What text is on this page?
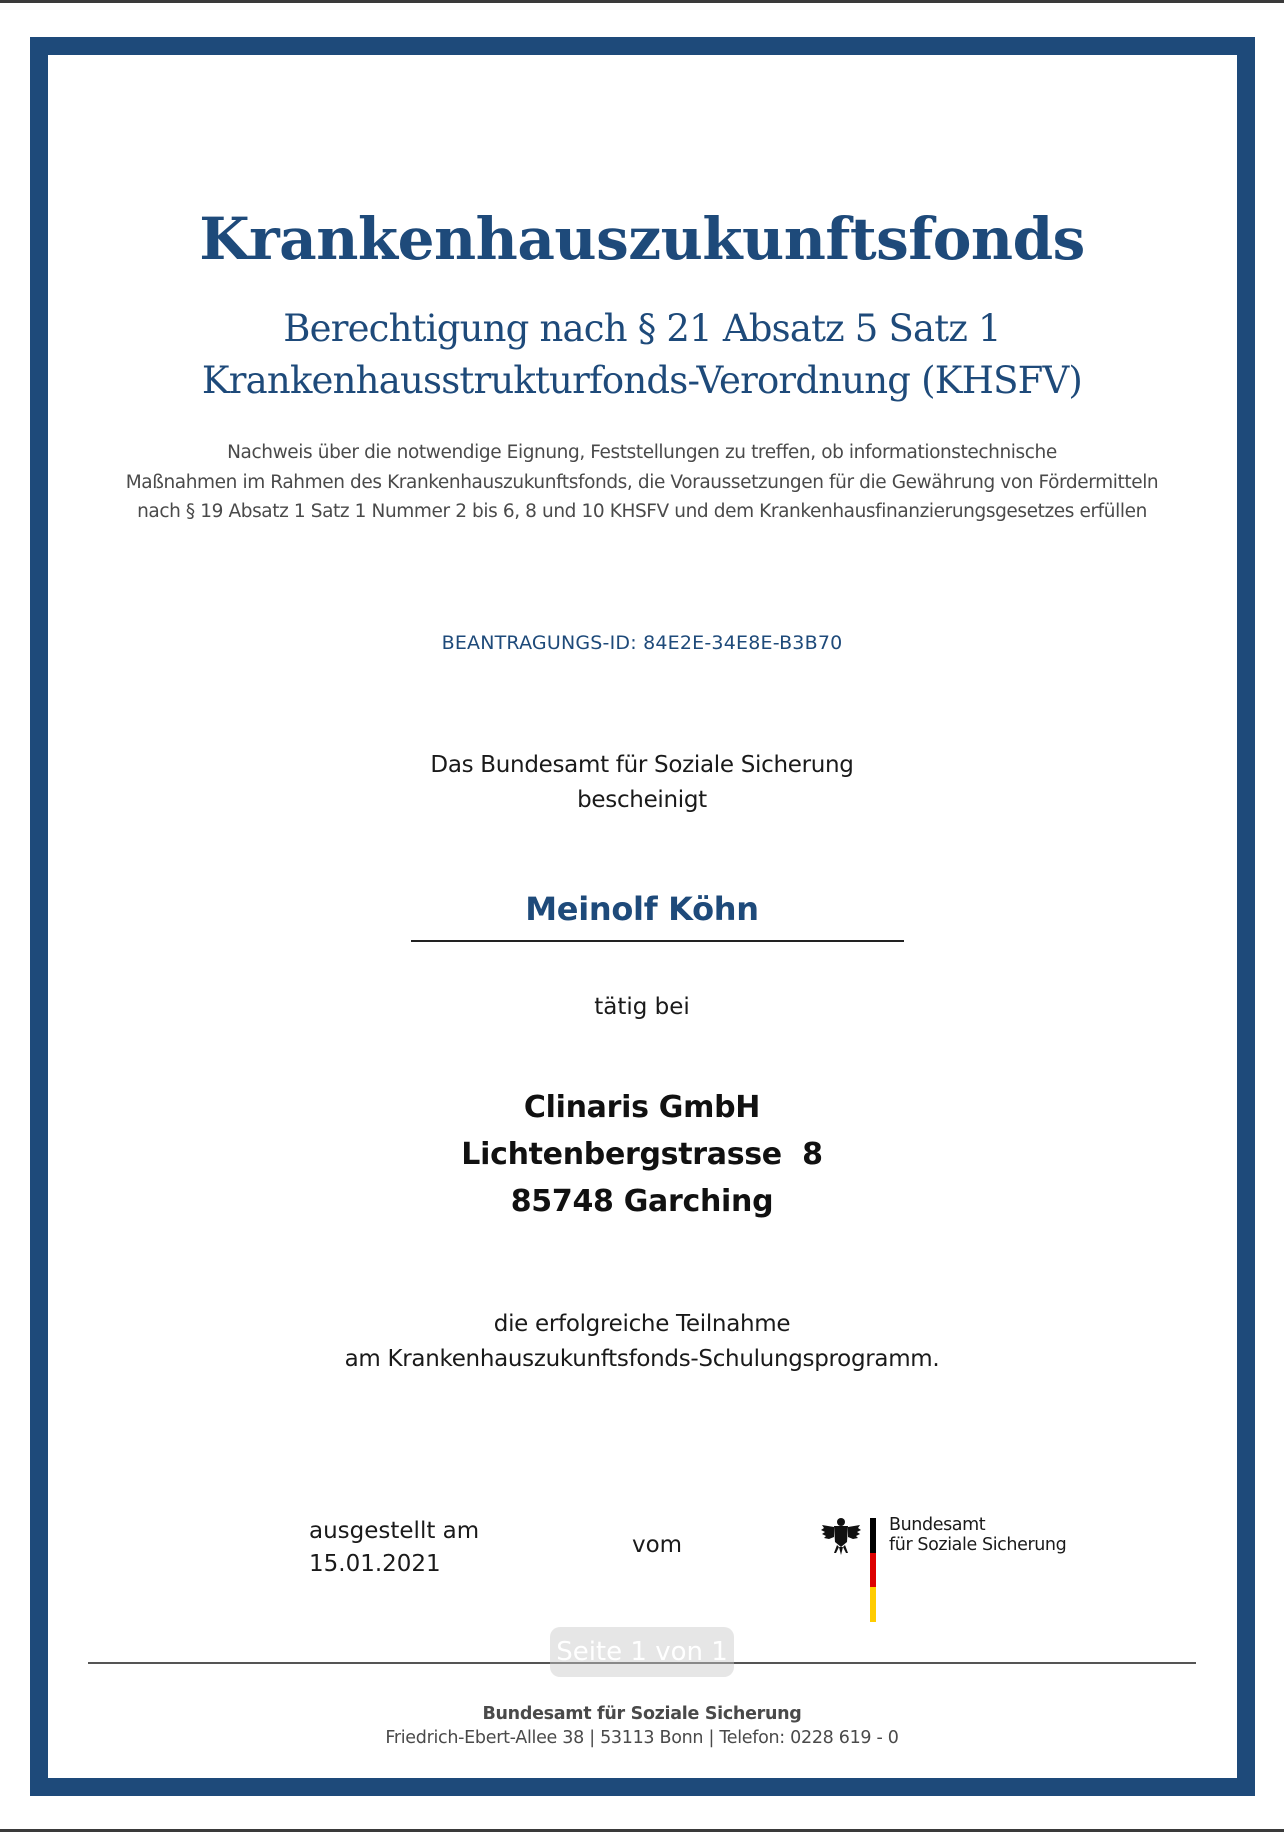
Krankenhauszukunftsfonds
Berechtigung nach § 21 Absatz 5 Satz 1
Krankenhausstrukturfonds-Verordnung (KHSFV)
Nachweis über die notwendige Eignung, Feststellungen zu treffen, ob informationstechnische
Maßnahmen im Rahmen des Krankenhauszukunftsfonds, die Voraussetzungen für die Gewährung von Fördermitteln
nach § 19 Absatz 1 Satz 1 Nummer 2 bis 6, 8 und 10 KHSFV und dem Krankenhausfinanzierungsgesetzes erfüllen
BEANTRAGUNGS-ID: 84E2E-34E8E-B3B70
Das Bundesamt für Soziale Sicherung
bescheinigt
Meinolf Köhn
tätig bei
Clinaris GmbH
Lichtenbergstrasse  8
85748 Garching
die erfolgreiche Teilnahme
am Krankenhauszukunftsfonds-Schulungsprogramm.
ausgestellt am
15.01.2021
vom
Bundesamt
für Soziale Sicherung
Seite 1 von 1
Bundesamt für Soziale Sicherung
Friedrich-Ebert-Allee 38 | 53113 Bonn | Telefon: 0228 619 - 0
